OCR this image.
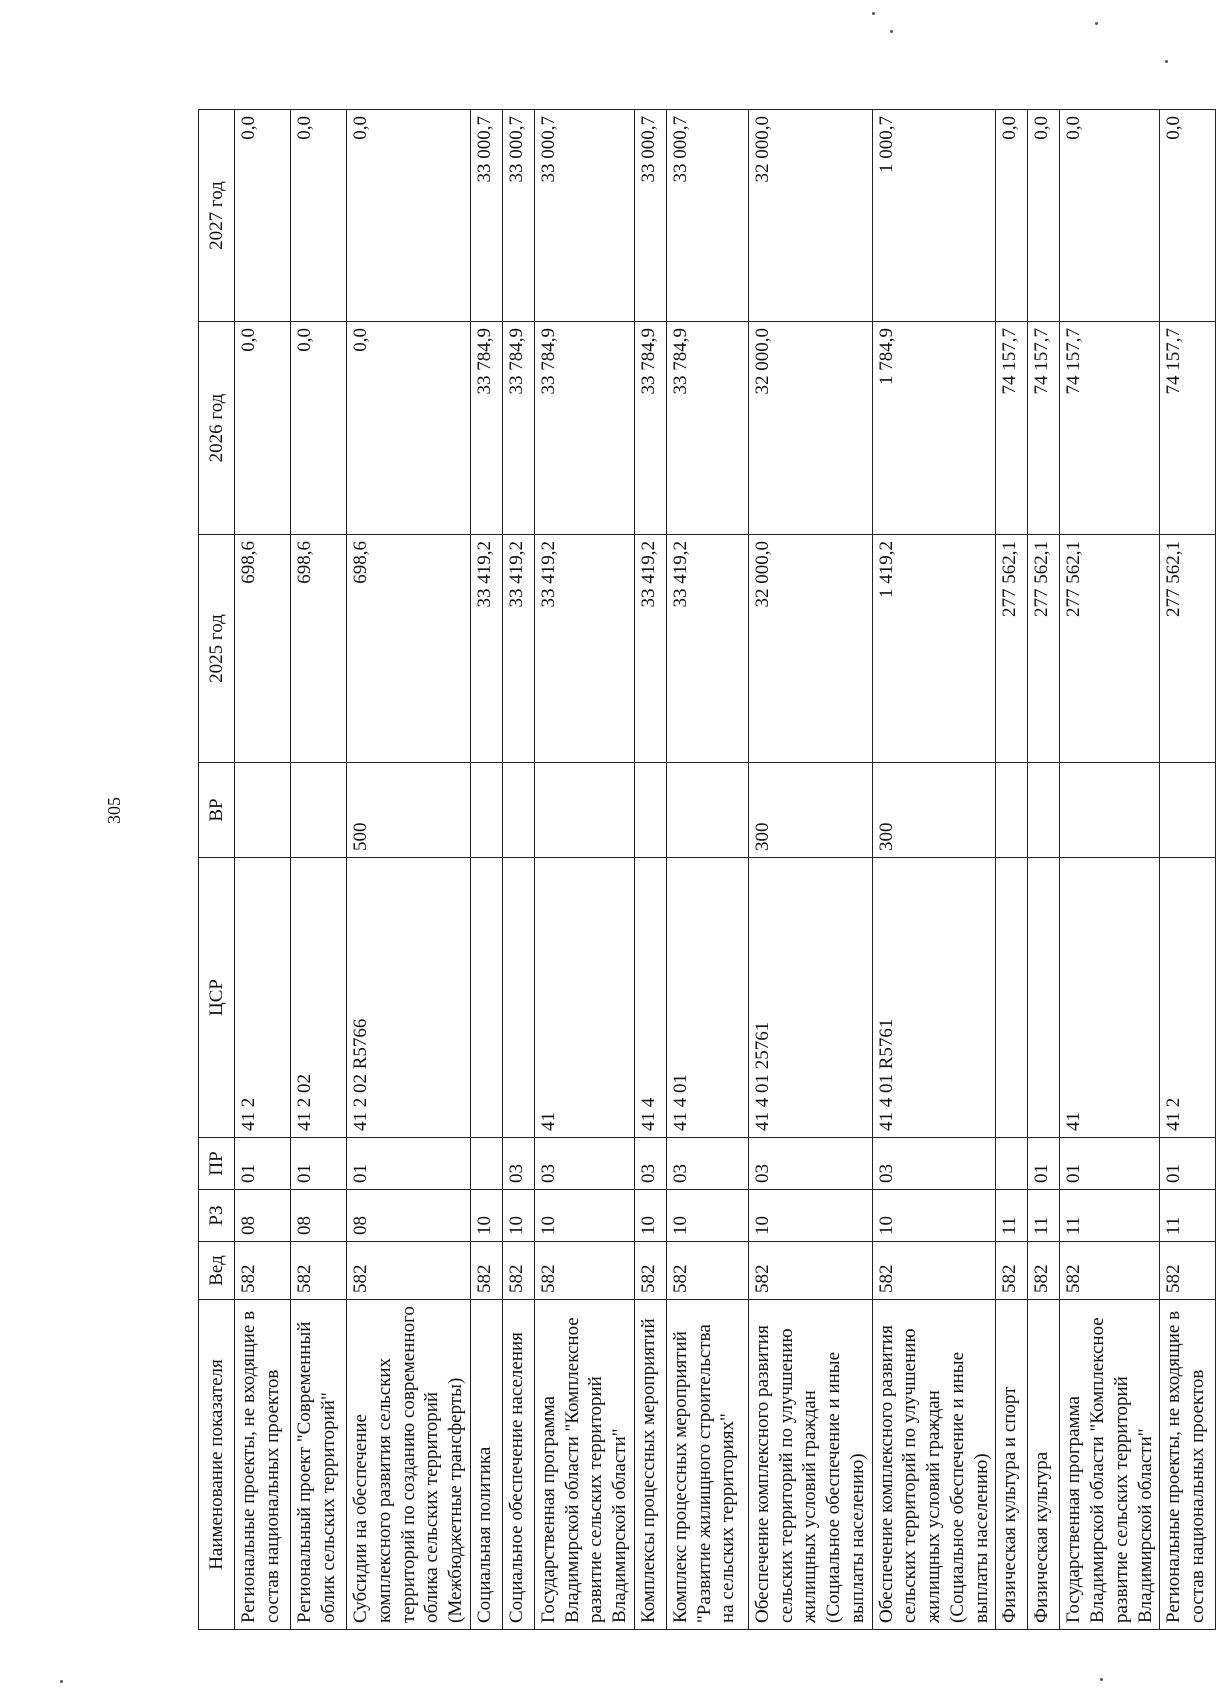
305
Наименование показателя	Вед	РЗ	ПР	ЦСР	ВР	2025 год	2026 год	2027 год
Региональные проекты, не входящие в состав национальных проектов	582	08	01	41 2		698,6	0,0	0,0
Региональный проект "Современный облик сельских территорий"	582	08	01	41 2 02		698,6	0,0	0,0
Субсидии на обеспечение комплексного развития сельских территорий по созданию современного облика сельских территорий (Межбюджетные трансферты)	582	08	01	41 2 02 R5766	500	698,6	0,0	0,0
Социальная политика	582	10				33 419,2	33 784,9	33 000,7
Социальное обеспечение населения	582	10	03			33 419,2	33 784,9	33 000,7
Государственная программа Владимирской области "Комплексное развитие сельских территорий Владимирской области"	582	10	03	41		33 419,2	33 784,9	33 000,7
Комплексы процессных мероприятий	582	10	03	41 4		33 419,2	33 784,9	33 000,7
Комплекс процессных мероприятий "Развитие жилищного строительства на сельских территориях"	582	10	03	41 4 01		33 419,2	33 784,9	33 000,7
Обеспечение комплексного развития сельских территорий по улучшению жилищных условий граждан (Социальное обеспечение и иные выплаты населению)	582	10	03	41 4 01 25761	300	32 000,0	32 000,0	32 000,0
Обеспечение комплексного развития сельских территорий по улучшению жилищных условий граждан (Социальное обеспечение и иные выплаты населению)	582	10	03	41 4 01 R5761	300	1 419,2	1 784,9	1 000,7
Физическая культура и спорт	582	11				277 562,1	74 157,7	0,0
Физическая культура	582	11	01			277 562,1	74 157,7	0,0
Государственная программа Владимирской области "Комплексное развитие сельских территорий Владимирской области"	582	11	01	41		277 562,1	74 157,7	0,0
Региональные проекты, не входящие в состав национальных проектов	582	11	01	41 2		277 562,1	74 157,7	0,0
